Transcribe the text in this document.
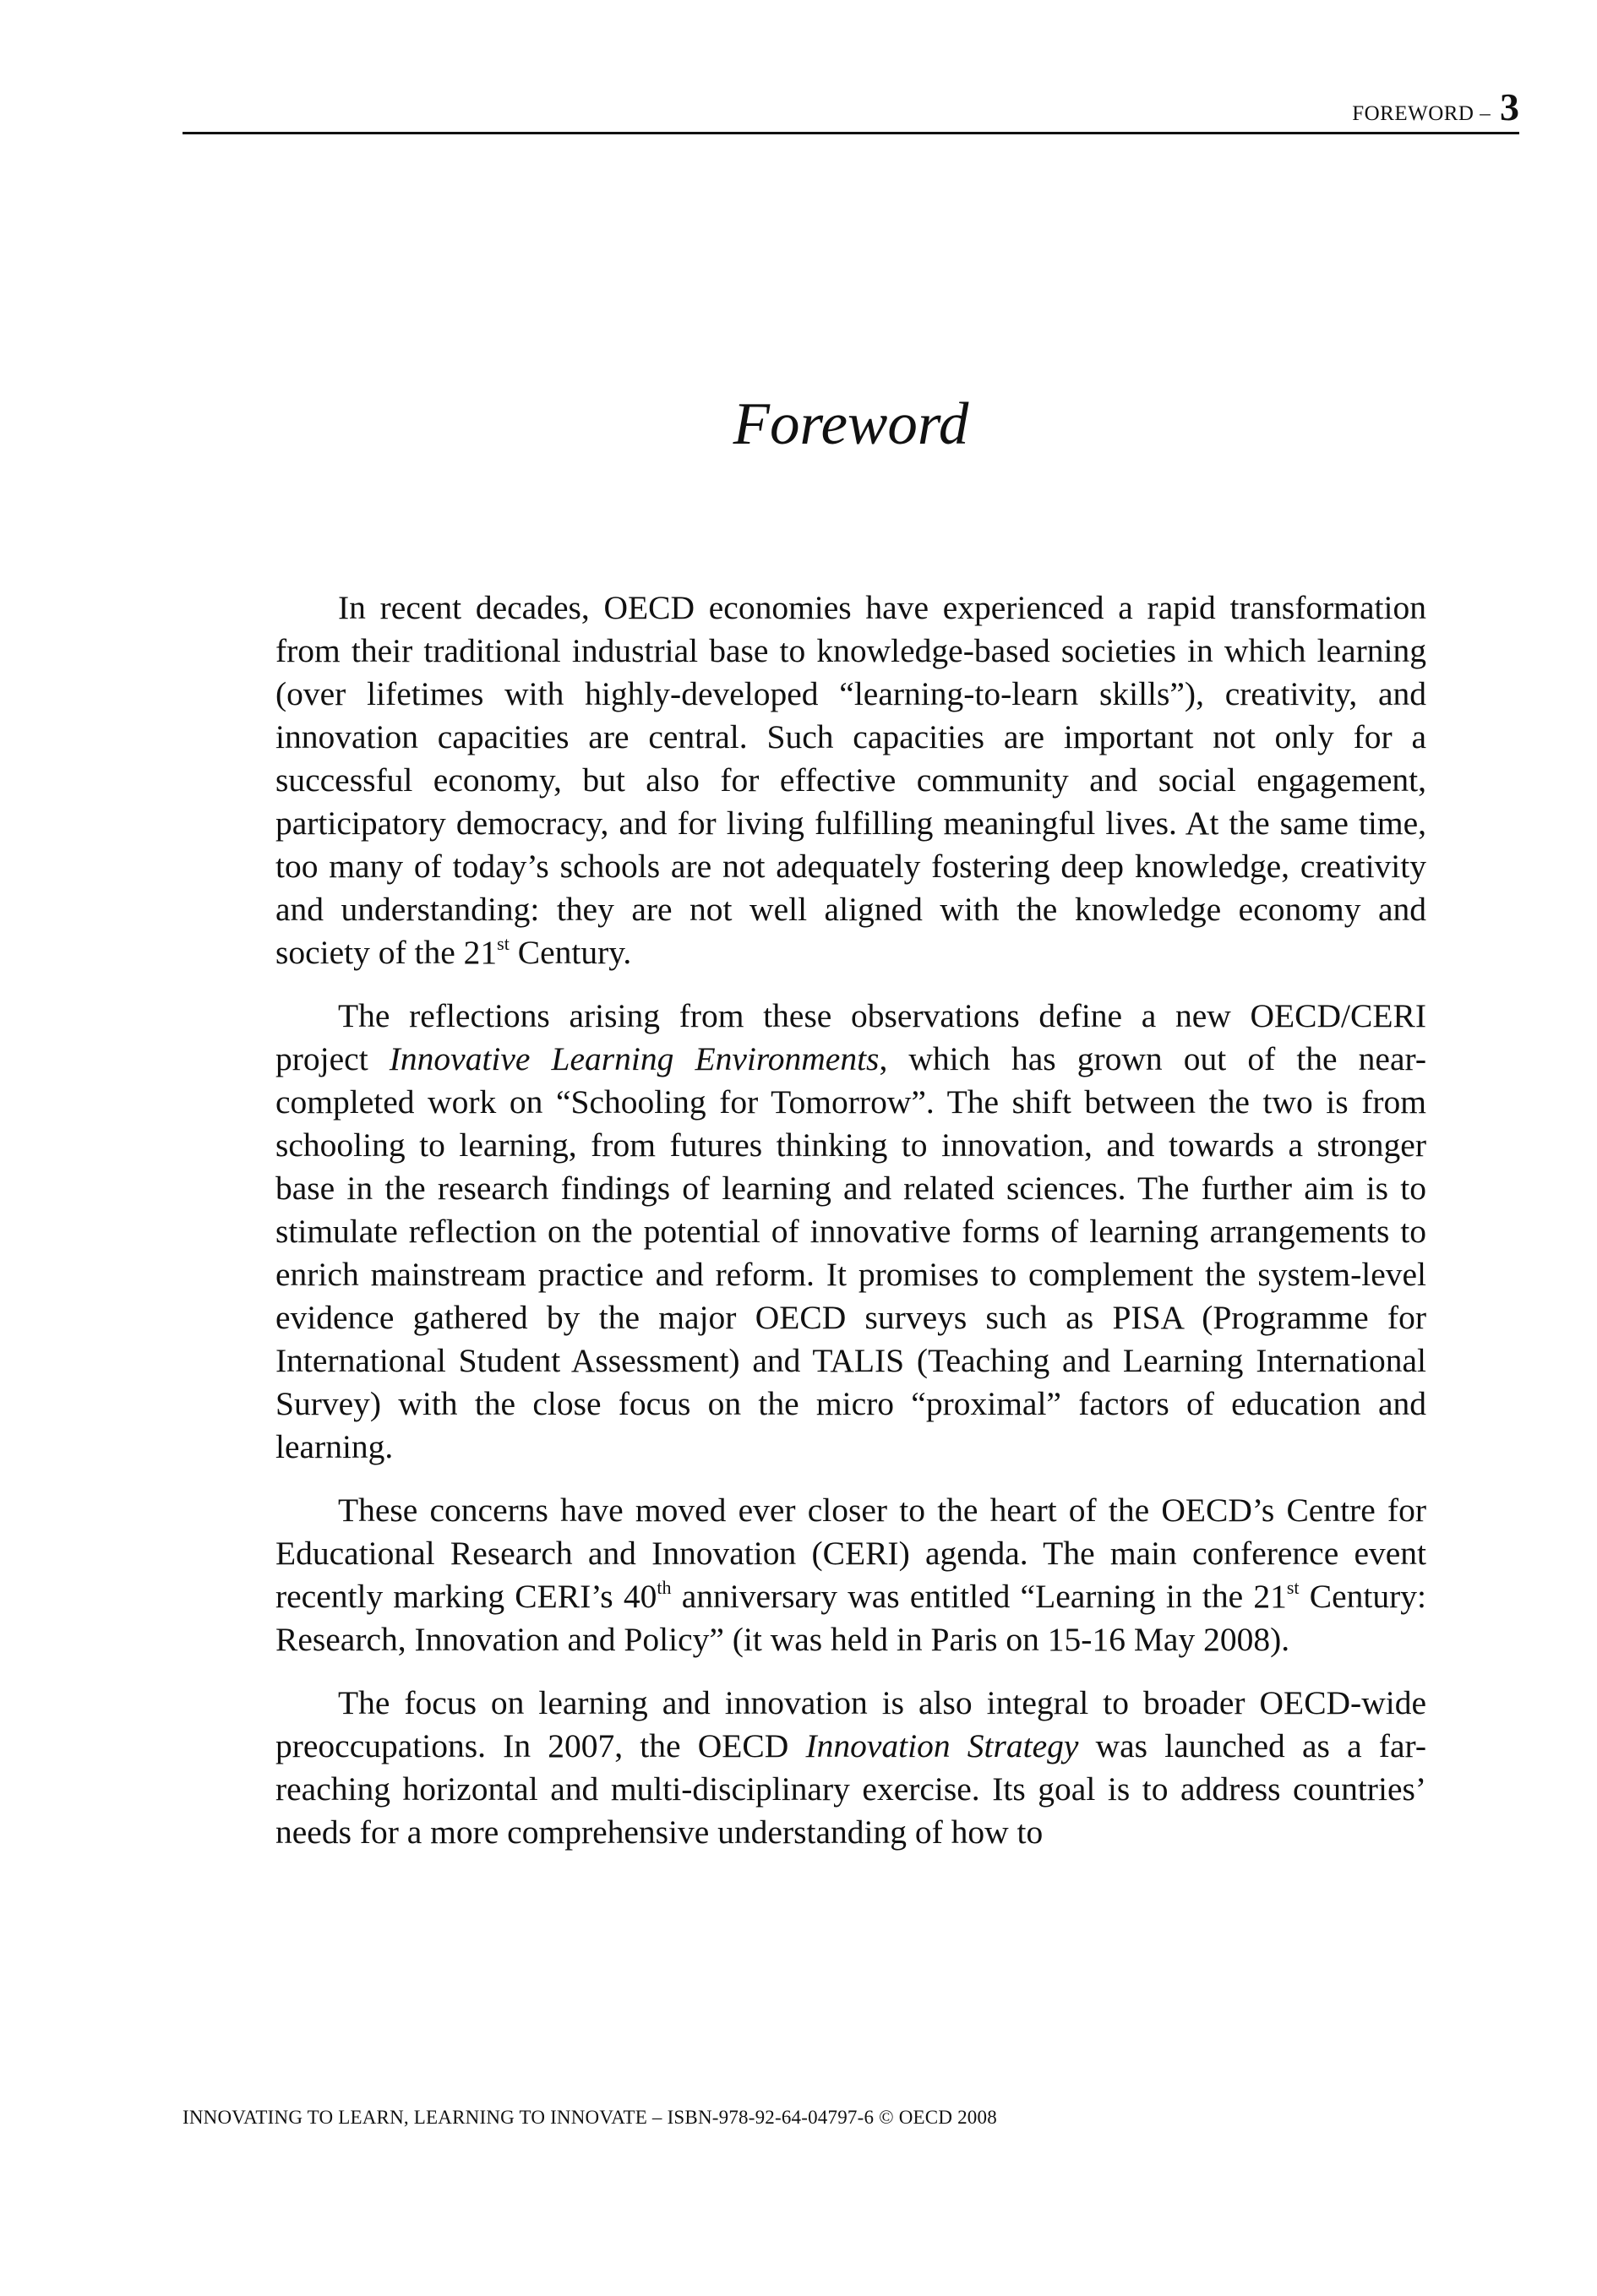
FOREWORD – 3
Foreword

In recent decades, OECD economies have experienced a rapid transformation from their traditional industrial base to knowledge-based societies in which learning (over lifetimes with highly-developed “learning-to-learn skills”), creativity, and innovation capacities are central. Such capacities are important not only for a successful economy, but also for effective community and social engagement, participatory democracy, and for living fulfilling meaningful lives. At the same time, too many of today’s schools are not adequately fostering deep knowledge, creativity and understanding: they are not well aligned with the knowledge economy and society of the 21st Century.

The reflections arising from these observations define a new OECD/CERI project Innovative Learning Environments, which has grown out of the near-completed work on “Schooling for Tomorrow”. The shift between the two is from schooling to learning, from futures thinking to innovation, and towards a stronger base in the research findings of learning and related sciences. The further aim is to stimulate reflection on the potential of innovative forms of learning arrangements to enrich mainstream practice and reform. It promises to complement the system-level evidence gathered by the major OECD surveys such as PISA (Programme for International Student Assessment) and TALIS (Teaching and Learning International Survey) with the close focus on the micro “proximal” factors of education and learning.

These concerns have moved ever closer to the heart of the OECD’s Centre for Educational Research and Innovation (CERI) agenda. The main conference event recently marking CERI’s 40th anniversary was entitled “Learning in the 21st Century: Research, Innovation and Policy” (it was held in Paris on 15-16 May 2008).

The focus on learning and innovation is also integral to broader OECD-wide preoccupations. In 2007, the OECD Innovation Strategy was launched as a far-reaching horizontal and multi-disciplinary exercise. Its goal is to address countries’ needs for a more comprehensive understanding of how to

INNOVATING TO LEARN, LEARNING TO INNOVATE – ISBN-978-92-64-04797-6 © OECD 2008
